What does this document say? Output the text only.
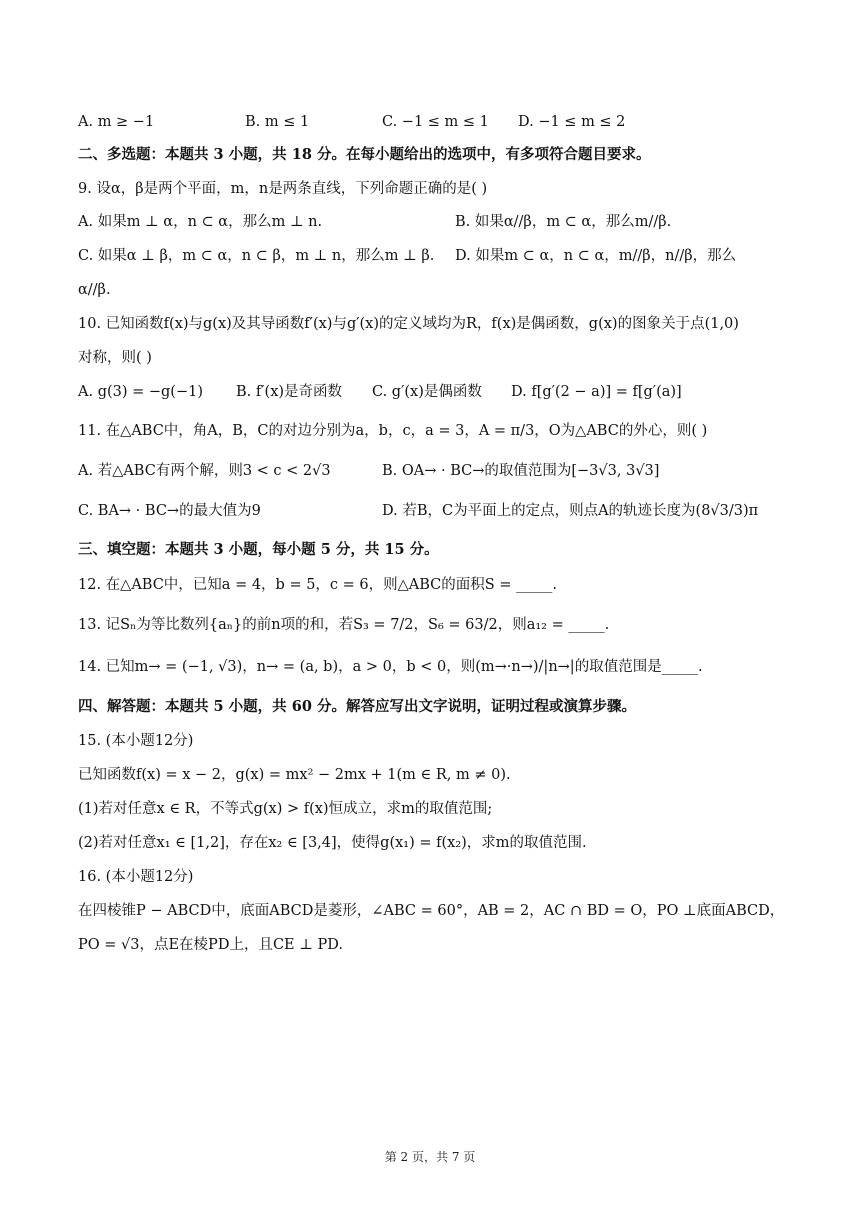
A. m ≥ −1	B. m ≤ 1	C. −1 ≤ m ≤ 1 D. −1 ≤ m ≤ 2
二、多选题：本题共 3 小题，共 18 分。在每小题给出的选项中，有多项符合题目要求。
9. 设α，β是两个平面，m，n是两条直线，下列命题正确的是( )
A. 如果m ⊥ α，n ⊂ α，那么m ⊥ n.	B. 如果α//β，m ⊂ α，那么m//β.
C. 如果α ⊥ β，m ⊂ α，n ⊂ β，m ⊥ n，那么m ⊥ β. D. 如果m ⊂ α，n ⊂ α，m//β，n//β，那么
α//β.
10. 已知函数f(x)与g(x)及其导函数f′(x)与g′(x)的定义域均为R，f(x)是偶函数，g(x)的图象关于点(1,0)
对称，则( )
A. g(3) = −g(−1) B. f′(x)是奇函数 C. g′(x)是偶函数 D. f[g′(2 − a)] = f[g′(a)]
11. 在△ABC中，角A，B，C的对边分别为a，b，c，a = 3，A = π/3，O为△ABC的外心，则( )
A. 若△ABC有两个解，则3 < c < 2√3	B. OA→ · BC→的取值范围为[−3√3, 3√3]
C. BA→ · BC→的最大值为9	D. 若B，C为平面上的定点，则点A的轨迹长度为(8√3/3)π
三、填空题：本题共 3 小题，每小题 5 分，共 15 分。
12. 在△ABC中，已知a = 4，b = 5，c = 6，则△ABC的面积S = _____.
13. 记Sₙ为等比数列{aₙ}的前n项的和，若S₃ = 7/2，S₆ = 63/2，则a₁₂ = _____.
14. 已知m→ = (−1, √3)，n→ = (a, b)，a > 0，b < 0，则(m→·n→)/|n→|的取值范围是_____.
四、解答题：本题共 5 小题，共 60 分。解答应写出文字说明，证明过程或演算步骤。
15. (本小题12分)
已知函数f(x) = x − 2，g(x) = mx² − 2mx + 1(m ∈ R, m ≠ 0).
(1)若对任意x ∈ R，不等式g(x) > f(x)恒成立，求m的取值范围;
(2)若对任意x₁ ∈ [1,2]，存在x₂ ∈ [3,4]，使得g(x₁) = f(x₂)，求m的取值范围.
16. (本小题12分)
在四棱锥P − ABCD中，底面ABCD是菱形，∠ABC = 60°，AB = 2，AC ∩ BD = O，PO ⊥底面ABCD，
PO = √3，点E在棱PD上，且CE ⊥ PD.
第 2 页，共 7 页
